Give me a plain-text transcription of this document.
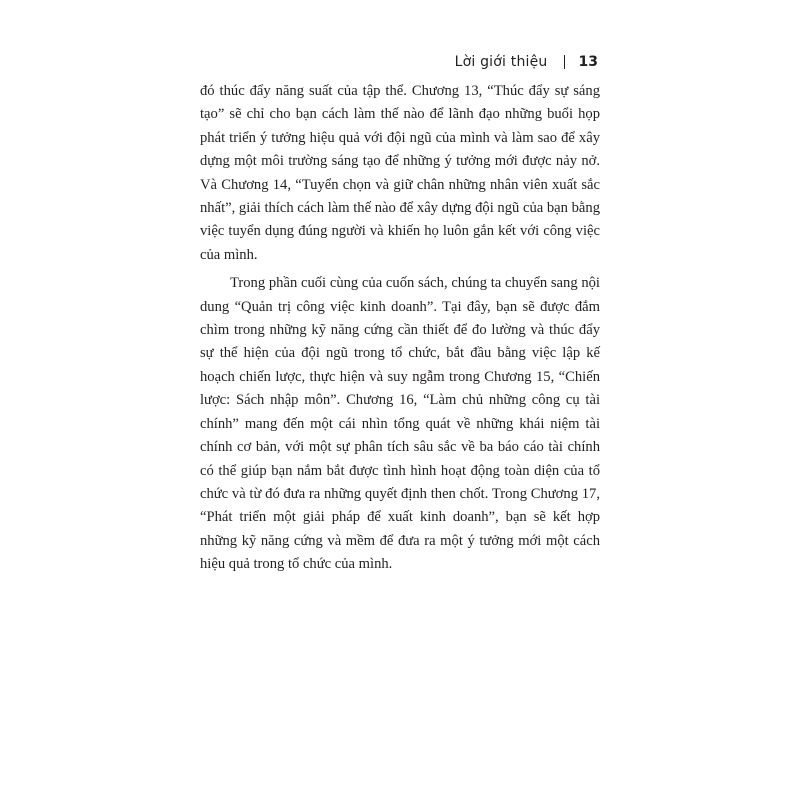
Lời giới thiệu 13

đó thúc đẩy năng suất của tập thể. Chương 13, “Thúc đẩy sự sáng tạo” sẽ chỉ cho bạn cách làm thế nào để lãnh đạo những buổi họp phát triển ý tưởng hiệu quả với đội ngũ của mình và làm sao để xây dựng một môi trường sáng tạo để những ý tưởng mới được nảy nở. Và Chương 14, “Tuyển chọn và giữ chân những nhân viên xuất sắc nhất”, giải thích cách làm thế nào để xây dựng đội ngũ của bạn bằng việc tuyển dụng đúng người và khiến họ luôn gắn kết với công việc của mình.

Trong phần cuối cùng của cuốn sách, chúng ta chuyển sang nội dung “Quản trị công việc kinh doanh”. Tại đây, bạn sẽ được đắm chìm trong những kỹ năng cứng cần thiết để đo lường và thúc đẩy sự thể hiện của đội ngũ trong tổ chức, bắt đầu bằng việc lập kế hoạch chiến lược, thực hiện và suy ngẫm trong Chương 15, “Chiến lược: Sách nhập môn”. Chương 16, “Làm chủ những công cụ tài chính” mang đến một cái nhìn tổng quát về những khái niệm tài chính cơ bản, với một sự phân tích sâu sắc về ba báo cáo tài chính có thể giúp bạn nắm bắt được tình hình hoạt động toàn diện của tổ chức và từ đó đưa ra những quyết định then chốt. Trong Chương 17, “Phát triển một giải pháp để xuất kinh doanh”, bạn sẽ kết hợp những kỹ năng cứng và mềm để đưa ra một ý tưởng mới một cách hiệu quả trong tổ chức của mình.
